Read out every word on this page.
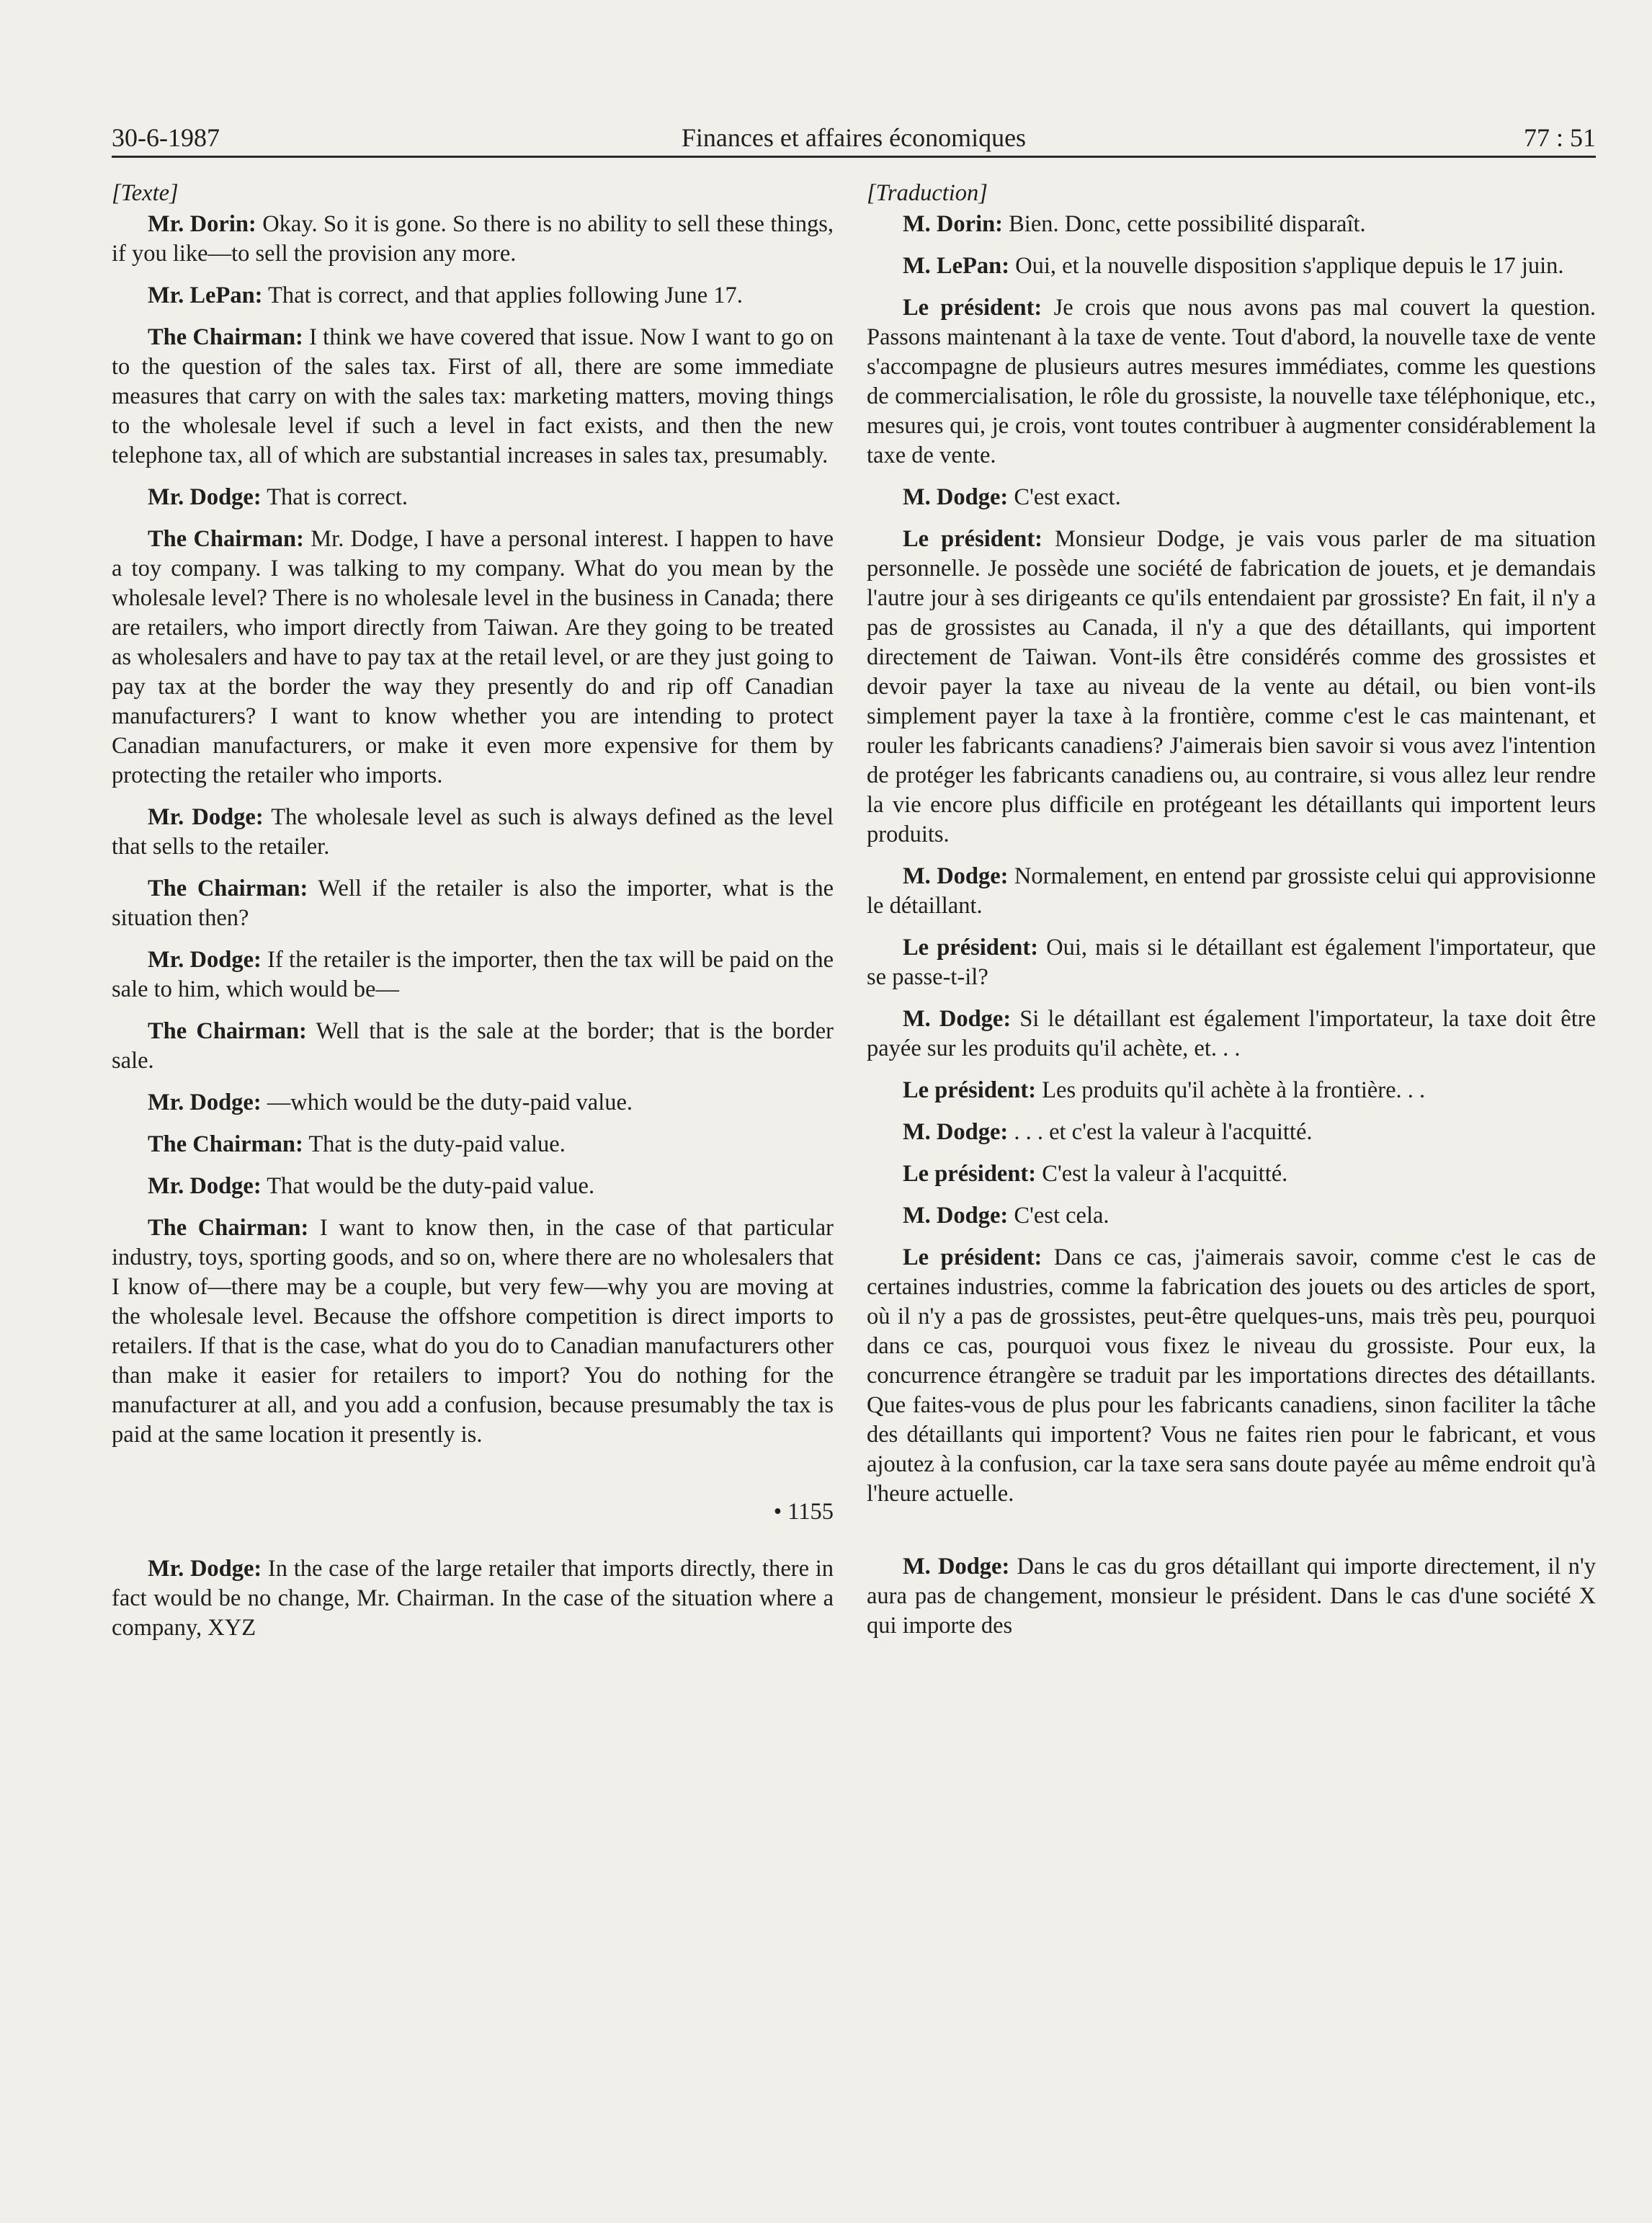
30-6-1987	Finances et affaires économiques	77 : 51

[Texte]

Mr. Dorin: Okay. So it is gone. So there is no ability to sell these things, if you like—to sell the provision any more.

Mr. LePan: That is correct, and that applies following June 17.

The Chairman: I think we have covered that issue. Now I want to go on to the question of the sales tax. First of all, there are some immediate measures that carry on with the sales tax: marketing matters, moving things to the wholesale level if such a level in fact exists, and then the new telephone tax, all of which are substantial increases in sales tax, presumably.

Mr. Dodge: That is correct.

The Chairman: Mr. Dodge, I have a personal interest. I happen to have a toy company. I was talking to my company. What do you mean by the wholesale level? There is no wholesale level in the business in Canada; there are retailers, who import directly from Taiwan. Are they going to be treated as wholesalers and have to pay tax at the retail level, or are they just going to pay tax at the border the way they presently do and rip off Canadian manufacturers? I want to know whether you are intending to protect Canadian manufacturers, or make it even more expensive for them by protecting the retailer who imports.

Mr. Dodge: The wholesale level as such is always defined as the level that sells to the retailer.

The Chairman: Well if the retailer is also the importer, what is the situation then?

Mr. Dodge: If the retailer is the importer, then the tax will be paid on the sale to him, which would be—

The Chairman: Well that is the sale at the border; that is the border sale.

Mr. Dodge: —which would be the duty-paid value.

The Chairman: That is the duty-paid value.

Mr. Dodge: That would be the duty-paid value.

The Chairman: I want to know then, in the case of that particular industry, toys, sporting goods, and so on, where there are no wholesalers that I know of—there may be a couple, but very few—why you are moving at the wholesale level. Because the offshore competition is direct imports to retailers. If that is the case, what do you do to Canadian manufacturers other than make it easier for retailers to import? You do nothing for the manufacturer at all, and you add a confusion, because presumably the tax is paid at the same location it presently is.

• 1155

Mr. Dodge: In the case of the large retailer that imports directly, there in fact would be no change, Mr. Chairman. In the case of the situation where a company, XYZ

[Traduction]

M. Dorin: Bien. Donc, cette possibilité disparaît.

M. LePan: Oui, et la nouvelle disposition s'applique depuis le 17 juin.

Le président: Je crois que nous avons pas mal couvert la question. Passons maintenant à la taxe de vente. Tout d'abord, la nouvelle taxe de vente s'accompagne de plusieurs autres mesures immédiates, comme les questions de commercialisation, le rôle du grossiste, la nouvelle taxe téléphonique, etc., mesures qui, je crois, vont toutes contribuer à augmenter considérablement la taxe de vente.

M. Dodge: C'est exact.

Le président: Monsieur Dodge, je vais vous parler de ma situation personnelle. Je possède une société de fabrication de jouets, et je demandais l'autre jour à ses dirigeants ce qu'ils entendaient par grossiste? En fait, il n'y a pas de grossistes au Canada, il n'y a que des détaillants, qui importent directement de Taiwan. Vont-ils être considérés comme des grossistes et devoir payer la taxe au niveau de la vente au détail, ou bien vont-ils simplement payer la taxe à la frontière, comme c'est le cas maintenant, et rouler les fabricants canadiens? J'aimerais bien savoir si vous avez l'intention de protéger les fabricants canadiens ou, au contraire, si vous allez leur rendre la vie encore plus difficile en protégeant les détaillants qui importent leurs produits.

M. Dodge: Normalement, en entend par grossiste celui qui approvisionne le détaillant.

Le président: Oui, mais si le détaillant est également l'importateur, que se passe-t-il?

M. Dodge: Si le détaillant est également l'importateur, la taxe doit être payée sur les produits qu'il achète, et. . .

Le président: Les produits qu'il achète à la frontière. . .

M. Dodge: . . . et c'est la valeur à l'acquitté.

Le président: C'est la valeur à l'acquitté.

M. Dodge: C'est cela.

Le président: Dans ce cas, j'aimerais savoir, comme c'est le cas de certaines industries, comme la fabrication des jouets ou des articles de sport, où il n'y a pas de grossistes, peut-être quelques-uns, mais très peu, pourquoi dans ce cas, pourquoi vous fixez le niveau du grossiste. Pour eux, la concurrence étrangère se traduit par les importations directes des détaillants. Que faites-vous de plus pour les fabricants canadiens, sinon faciliter la tâche des détaillants qui importent? Vous ne faites rien pour le fabricant, et vous ajoutez à la confusion, car la taxe sera sans doute payée au même endroit qu'à l'heure actuelle.

M. Dodge: Dans le cas du gros détaillant qui importe directement, il n'y aura pas de changement, monsieur le président. Dans le cas d'une société X qui importe des
